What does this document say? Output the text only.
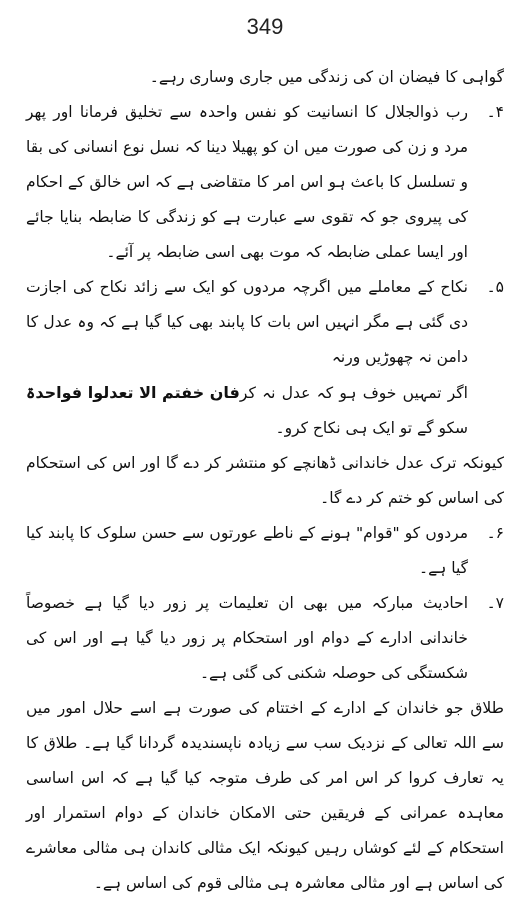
349

گواہی کا فیضان ان کی زندگی میں جاری وساری رہے۔

۴۔
رب ذوالجلال کا انسانیت کو نفس واحدہ سے تخلیق فرمانا اور پھر مرد و زن کی صورت میں ان کو پھیلا دینا کہ نسل نوع انسانی کی بقا و تسلسل کا باعث ہو اس امر کا متقاضی ہے کہ اس خالق کے احکام کی پیروی جو کہ تقوی سے عبارت ہے کو زندگی کا ضابطہ بنایا جائے اور ایسا عملی ضابطہ کہ موت بھی اسی ضابطہ پر آئے۔
۵۔
نکاح کے معاملے میں اگرچہ مردوں کو ایک سے زائد نکاح کی اجازت دی گئی ہے مگر انہیں اس بات کا پابند بھی کیا گیا ہے کہ وہ عدل کا دامن نہ چھوڑیں ورنہ
اگر تمہیں خوف ہو کہ عدل نہ کر سکو گے تو ایک ہی نکاح کرو۔
فان خفتم الا تعدلوا فواحدۃ

کیونکہ ترک عدل خاندانی ڈھانچے کو منتشر کر دے گا اور اس کی استحکام کی اساس کو ختم کر دے گا۔

۶۔
مردوں کو "قوام" ہونے کے ناطے عورتوں سے حسن سلوک کا پابند کیا گیا ہے۔
۷۔
احادیث مبارکہ میں بھی ان تعلیمات پر زور دیا گیا ہے خصوصاً خاندانی ادارے کے دوام اور استحکام پر زور دیا گیا ہے اور اس کی شکستگی کی حوصلہ شکنی کی گئی ہے۔

طلاق جو خاندان کے ادارے کے اختتام کی صورت ہے اسے حلال امور میں سے اللہ تعالی کے نزدیک سب سے زیادہ ناپسندیدہ گردانا گیا ہے۔ طلاق کا یہ تعارف کروا کر اس امر کی طرف متوجہ کیا گیا ہے کہ اس اساسی معاہدہ عمرانی کے فریقین حتی الامکان خاندان کے دوام استمرار اور استحکام کے لئے کوشاں رہیں کیونکہ ایک مثالی کاندان ہی مثالی معاشرے کی اساس ہے اور مثالی معاشرہ ہی مثالی قوم کی اساس ہے۔
